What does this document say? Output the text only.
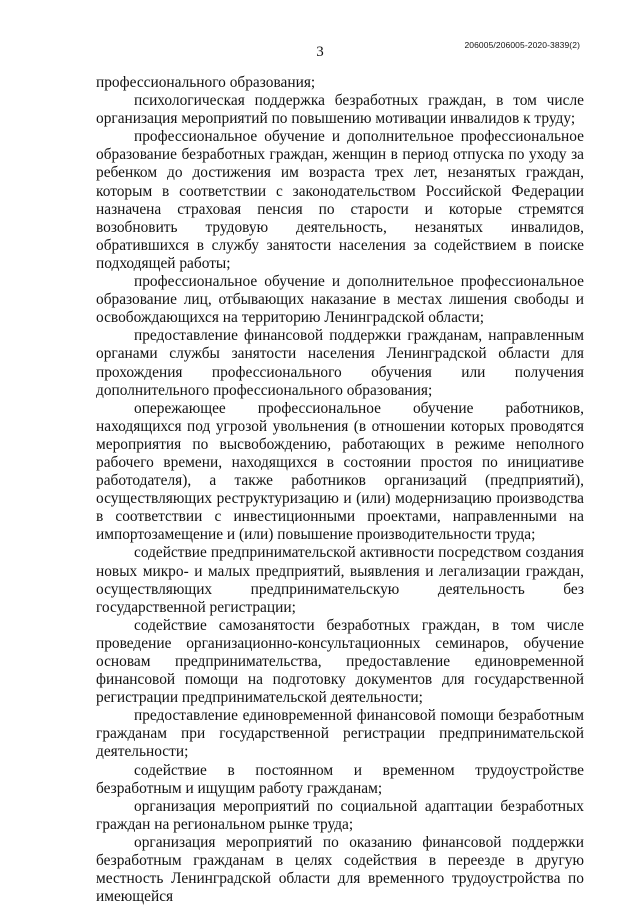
3	206005/206005-2020-3839(2)

профессионального образования;

психологическая поддержка безработных граждан, в том числе организация мероприятий по повышению мотивации инвалидов к труду;

профессиональное обучение и дополнительное профессиональное образование безработных граждан, женщин в период отпуска по уходу за ребенком до достижения им возраста трех лет, незанятых граждан, которым в соответствии с законодательством Российской Федерации назначена страховая пенсия по старости и которые стремятся возобновить трудовую деятельность, незанятых инвалидов, обратившихся в службу занятости населения за содействием в поиске подходящей работы;

профессиональное обучение и дополнительное профессиональное образование лиц, отбывающих наказание в местах лишения свободы и освобождающихся на территорию Ленинградской области;

предоставление финансовой поддержки гражданам, направленным органами службы занятости населения Ленинградской области для прохождения профессионального обучения или получения дополнительного профессионального образования;

опережающее профессиональное обучение работников, находящихся под угрозой увольнения (в отношении которых проводятся мероприятия по высвобождению, работающих в режиме неполного рабочего времени, находящихся в состоянии простоя по инициативе работодателя), а также работников организаций (предприятий), осуществляющих реструктуризацию и (или) модернизацию производства в соответствии с инвестиционными проектами, направленными на импортозамещение и (или) повышение производительности труда;

содействие предпринимательской активности посредством создания новых микро- и малых предприятий, выявления и легализации граждан, осуществляющих предпринимательскую деятельность без государственной регистрации;

содействие самозанятости безработных граждан, в том числе проведение организационно-консультационных семинаров, обучение основам предпринимательства, предоставление единовременной финансовой помощи на подготовку документов для государственной регистрации предпринимательской деятельности;

предоставление единовременной финансовой помощи безработным гражданам при государственной регистрации предпринимательской деятельности;

содействие в постоянном и временном трудоустройстве безработным и ищущим работу гражданам;

организация мероприятий по социальной адаптации безработных граждан на региональном рынке труда;

организация мероприятий по оказанию финансовой поддержки безработным гражданам в целях содействия в переезде в другую местность Ленинградской области для временного трудоустройства по имеющейся
